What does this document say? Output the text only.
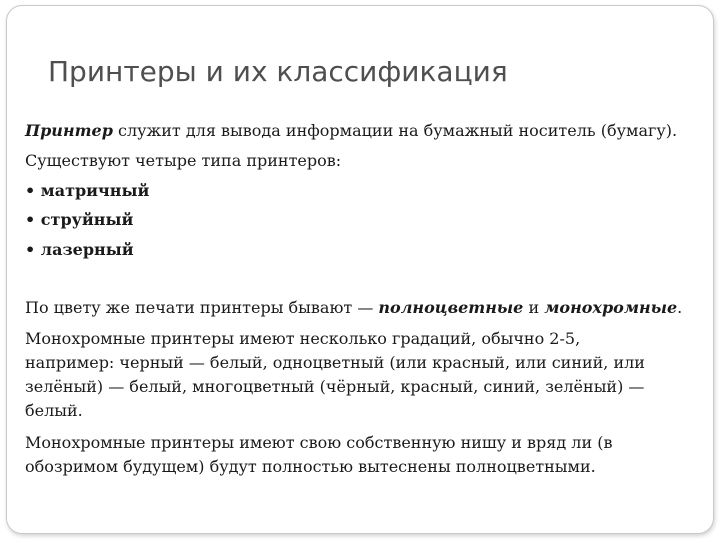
Принтеры и их классификация
Принтер служит для вывода информации на бумажный носитель (бумагу).
Существуют четыре типа принтеров:
• матричный
• струйный
• лазерный
По цвету же печати принтеры бывают — полноцветные и монохромные.
Монохромные принтеры имеют несколько градаций, обычно 2-5,
например: черный — белый, одноцветный (или красный, или синий, или
зелёный) — белый, многоцветный (чёрный, красный, синий, зелёный) —
белый.
Монохромные принтеры имеют свою собственную нишу и вряд ли (в
обозримом будущем) будут полностью вытеснены полноцветными.
